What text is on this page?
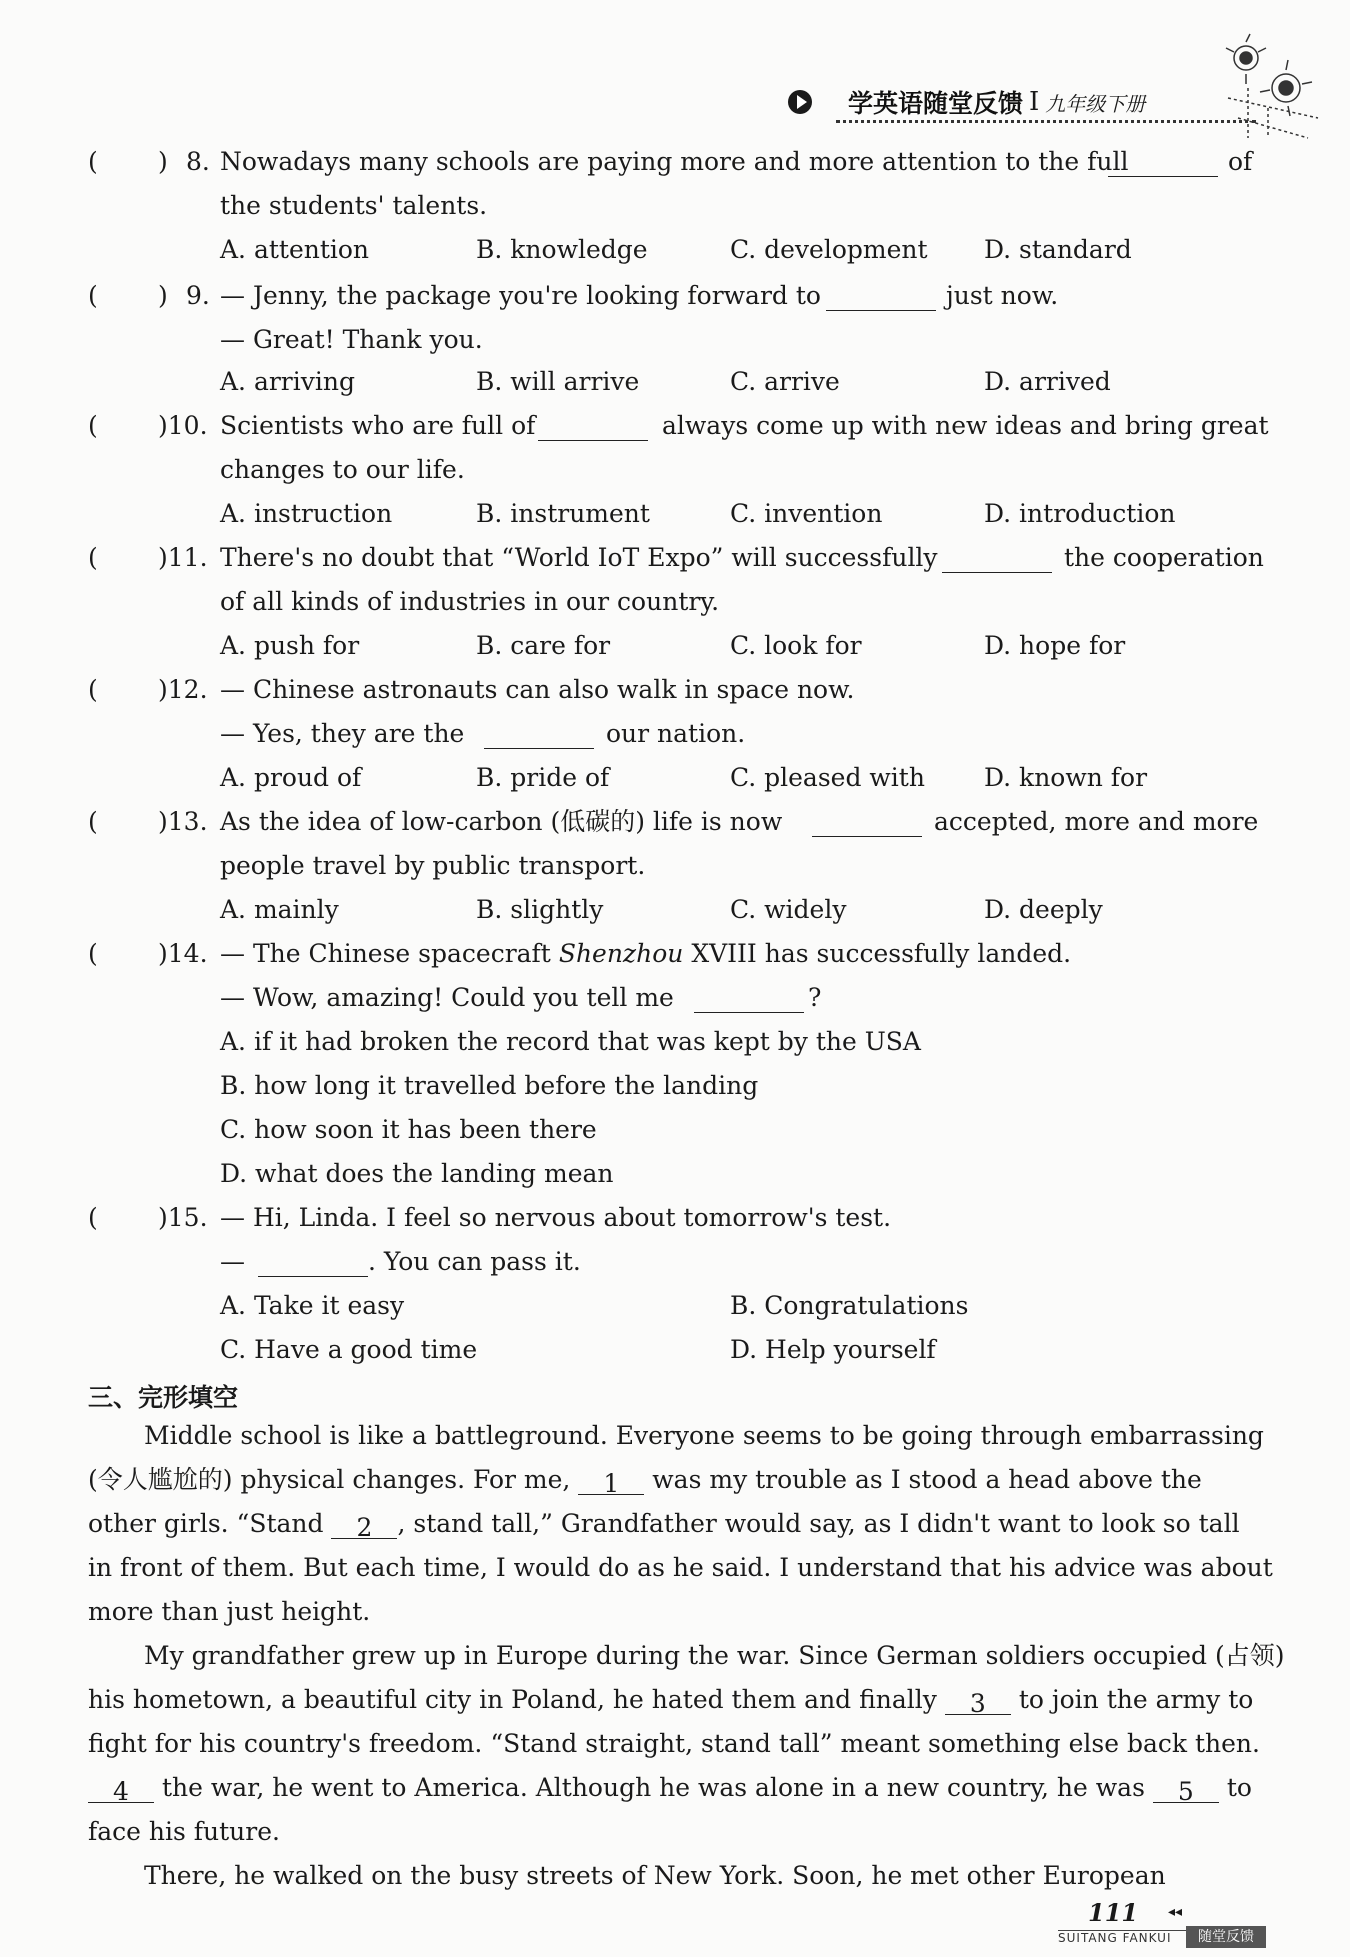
学英语随堂反馈 I 九年级下册
( ) 8. Nowadays many schools are paying more and more attention to the full	of
the students' talents.
A. attention	B. knowledge	C. development D. standard
( ) 9. — Jenny, the package you're looking forward to	just now.
— Great! Thank you.
A. arriving	B. will arrive	C. arrive	D. arrived
( )10. Scientists who are full of	always come up with new ideas and bring great
changes to our life.
A. instruction	B. instrument	C. invention	D. introduction
( )11. There's no doubt that “World IoT Expo” will successfully	the cooperation
of all kinds of industries in our country.
A. push for	B. care for	C. look for	D. hope for
( )12. — Chinese astronauts can also walk in space now.
— Yes, they are the	our nation.
A. proud of	B. pride of	C. pleased with D. known for
( )13. As the idea of low-carbon (低碳的) life is now	accepted, more and more
people travel by public transport.
A. mainly	B. slightly	C. widely	D. deeply
( )14. — The Chinese spacecraft Shenzhou XVIII has successfully landed.
— Wow, amazing! Could you tell me	?
A. if it had broken the record that was kept by the USA
B. how long it travelled before the landing
C. how soon it has been there
D. what does the landing mean
( )15. — Hi, Linda. I feel so nervous about tomorrow's test.
—	. You can pass it.
A. Take it easy	B. Congratulations
C. Have a good time	D. Help yourself
三、完形填空
Middle school is like a battleground. Everyone seems to be going through embarrassing
(令人尴尬的) physical changes. For me, 1 was my trouble as I stood a head above the
other girls. “Stand 2 , stand tall,” Grandfather would say, as I didn't want to look so tall
in front of them. But each time, I would do as he said. I understand that his advice was about
more than just height.
My grandfather grew up in Europe during the war. Since German soldiers occupied (占领)
his hometown, a beautiful city in Poland, he hated them and finally 3 to join the army to
fight for his country's freedom. “Stand straight, stand tall” meant something else back then.
4 the war, he went to America. Although he was alone in a new country, he was 5 to
face his future.
There, he walked on the busy streets of New York. Soon, he met other European
111 ◂◂
SUITANG FANKUI	随堂反馈
